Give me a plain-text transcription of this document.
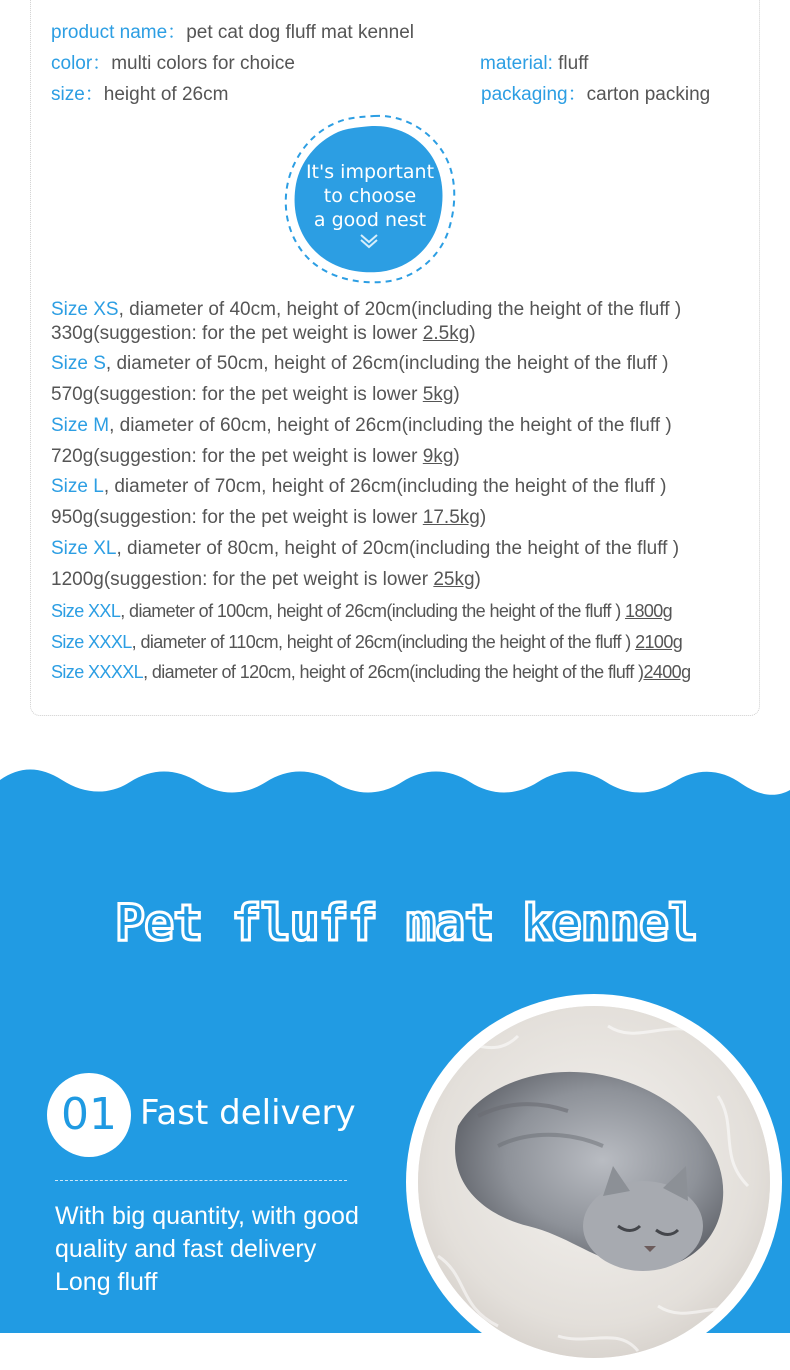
product name：pet cat dog fluff mat kennel
color：multi colors for choice	material: fluff
size：height of 26cm	packaging：carton packing
It's important
to choose
a good nest
Size XS, diameter of 40cm, height of 20cm(including the height of the fluff )
330g(suggestion: for the pet weight is lower 2.5kg)
Size S, diameter of 50cm, height of 26cm(including the height of the fluff )
570g(suggestion: for the pet weight is lower 5kg)
Size M, diameter of 60cm, height of 26cm(including the height of the fluff )
720g(suggestion: for the pet weight is lower 9kg)
Size L, diameter of 70cm, height of 26cm(including the height of the fluff )
950g(suggestion: for the pet weight is lower 17.5kg)
Size XL, diameter of 80cm, height of 20cm(including the height of the fluff )
1200g(suggestion: for the pet weight is lower 25kg)
Size XXL, diameter of 100cm, height of 26cm(including the height of the fluff ) 1800g
Size XXXL, diameter of 110cm, height of 26cm(including the height of the fluff ) 2100g
Size XXXXL, diameter of 120cm, height of 26cm(including the height of the fluff )2400g
Pet fluff mat kennel
01 Fast delivery
With big quantity, with good
quality and fast delivery
Long fluff
